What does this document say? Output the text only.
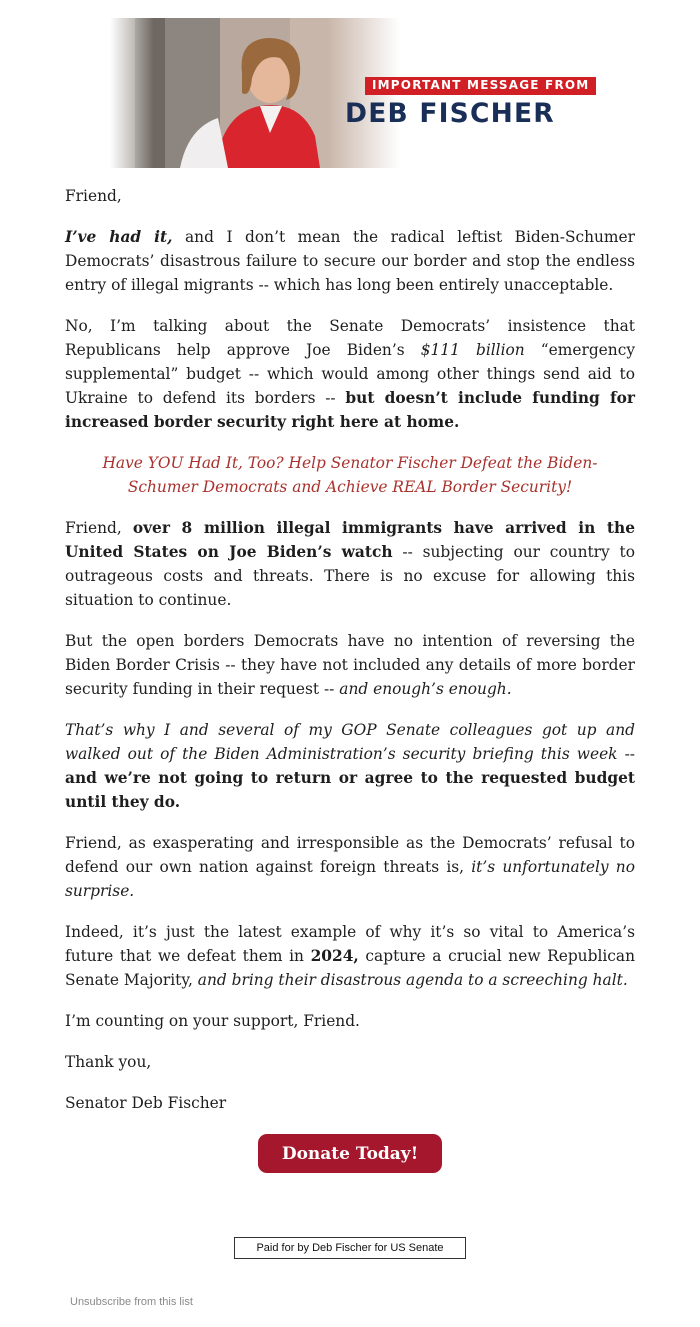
IMPORTANT MESSAGE FROM
DEB FISCHER

Friend,

I’ve had it, and I don’t mean the radical leftist Biden-Schumer Democrats’ disastrous failure to secure our border and stop the endless entry of illegal migrants -- which has long been entirely unacceptable.

No, I’m talking about the Senate Democrats’ insistence that Republicans help approve Joe Biden’s $111 billion “emergency supplemental” budget -- which would among other things send aid to Ukraine to defend its borders -- but doesn’t include funding for increased border security right here at home.

Have YOU Had It, Too? Help Senator Fischer Defeat the Biden-Schumer Democrats and Achieve REAL Border Security!

Friend, over 8 million illegal immigrants have arrived in the United States on Joe Biden’s watch -- subjecting our country to outrageous costs and threats. There is no excuse for allowing this situation to continue.

But the open borders Democrats have no intention of reversing the Biden Border Crisis -- they have not included any details of more border security funding in their request -- and enough’s enough.

That’s why I and several of my GOP Senate colleagues got up and walked out of the Biden Administration’s security briefing this week -- and we’re not going to return or agree to the requested budget until they do.

Friend, as exasperating and irresponsible as the Democrats’ refusal to defend our own nation against foreign threats is, it’s unfortunately no surprise.

Indeed, it’s just the latest example of why it’s so vital to America’s future that we defeat them in 2024, capture a crucial new Republican Senate Majority, and bring their disastrous agenda to a screeching halt.

I’m counting on your support, Friend.

Thank you,

Senator Deb Fischer

Donate Today!
Paid for by Deb Fischer for US Senate
Unsubscribe from this list
